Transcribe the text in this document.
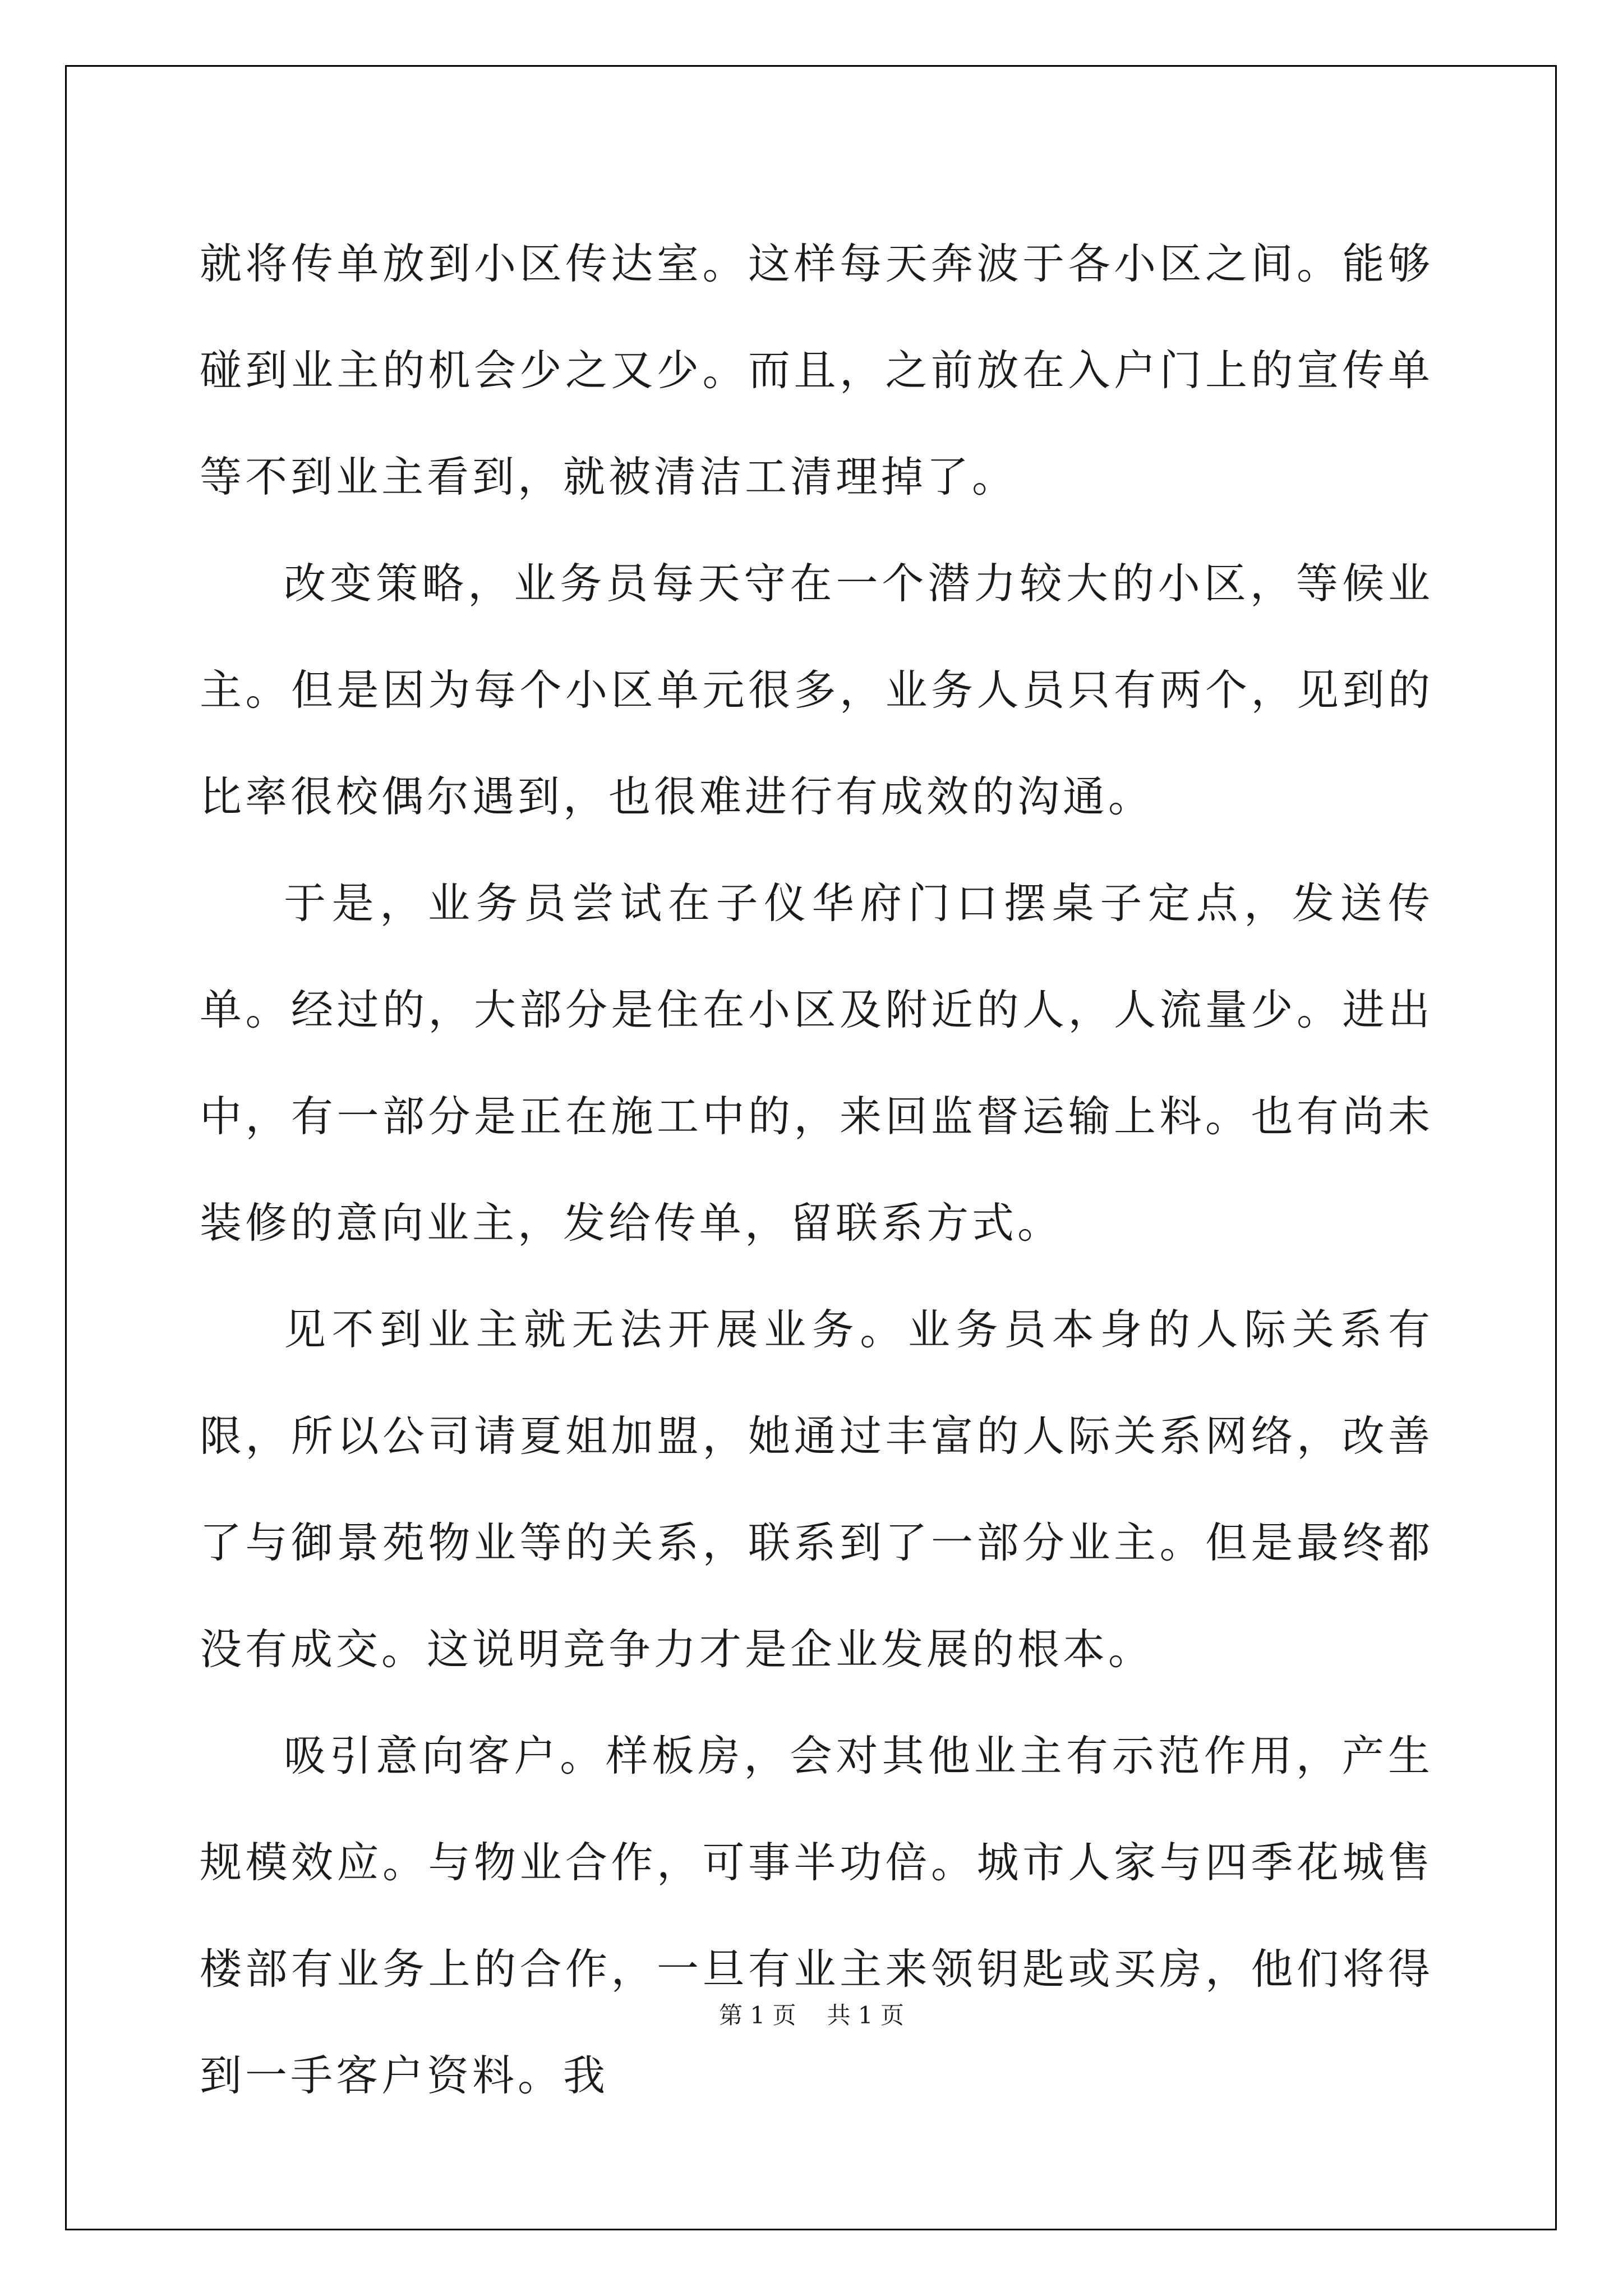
就将传单放到小区传达室。这样每天奔波于各小区之间。能够碰到业主的机会少之又少。而且，之前放在入户门上的宣传单等不到业主看到，就被清洁工清理掉了。

改变策略，业务员每天守在一个潜力较大的小区，等候业主。但是因为每个小区单元很多，业务人员只有两个，见到的比率很校偶尔遇到，也很难进行有成效的沟通。

于是，业务员尝试在子仪华府门口摆桌子定点，发送传单。经过的，大部分是住在小区及附近的人，人流量少。进出中，有一部分是正在施工中的，来回监督运输上料。也有尚未装修的意向业主，发给传单，留联系方式。

见不到业主就无法开展业务。业务员本身的人际关系有限，所以公司请夏姐加盟，她通过丰富的人际关系网络，改善了与御景苑物业等的关系，联系到了一部分业主。但是最终都没有成交。这说明竞争力才是企业发展的根本。

吸引意向客户。样板房，会对其他业主有示范作用，产生规模效应。与物业合作，可事半功倍。城市人家与四季花城售楼部有业务上的合作，一旦有业主来领钥匙或买房，他们将得到一手客户资料。我

第 1 页 共 1 页
